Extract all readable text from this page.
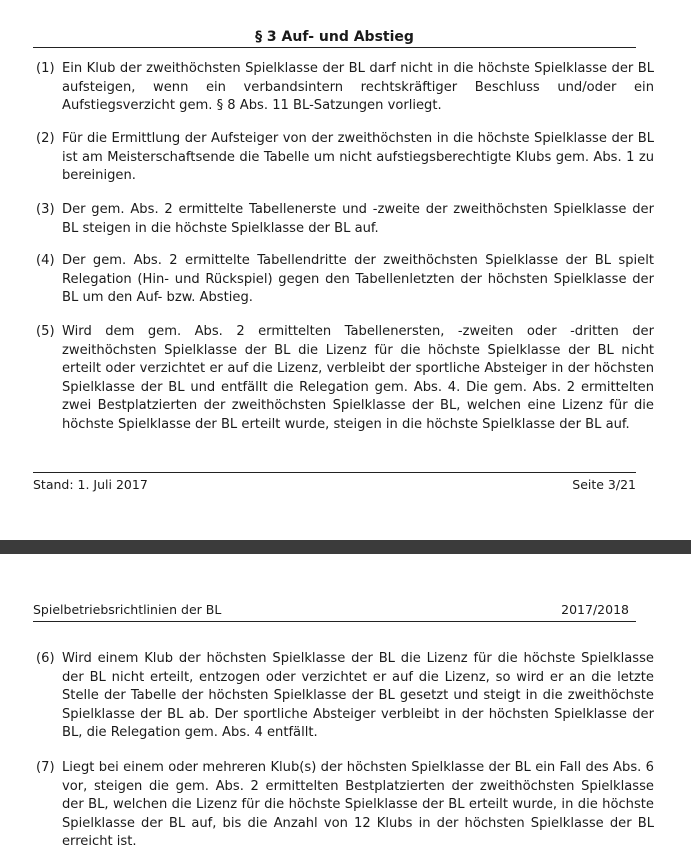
§ 3 Auf- und Abstieg
(1) Ein Klub der zweithöchsten Spielklasse der BL darf nicht in die höchste Spielklasse der BL aufsteigen, wenn ein verbandsintern rechtskräftiger Beschluss und/oder ein Aufstiegsverzicht gem. § 8 Abs. 11 BL-Satzungen vorliegt.
(2) Für die Ermittlung der Aufsteiger von der zweithöchsten in die höchste Spielklasse der BL ist am Meisterschaftsende die Tabelle um nicht aufstiegsberechtigte Klubs gem. Abs. 1 zu bereinigen.
(3) Der gem. Abs. 2 ermittelte Tabellenerste und -zweite der zweithöchsten Spielklasse der BL steigen in die höchste Spielklasse der BL auf.
(4) Der gem. Abs. 2 ermittelte Tabellendritte der zweithöchsten Spielklasse der BL spielt Relegation (Hin- und Rückspiel) gegen den Tabellenletzten der höchsten Spielklasse der BL um den Auf- bzw. Abstieg.
(5) Wird dem gem. Abs. 2 ermittelten Tabellenersten, -zweiten oder -dritten der zweithöchsten Spielklasse der BL die Lizenz für die höchste Spielklasse der BL nicht erteilt oder verzichtet er auf die Lizenz, verbleibt der sportliche Absteiger in der höchsten Spielklasse der BL und entfällt die Relegation gem. Abs. 4. Die gem. Abs. 2 ermittelten zwei Bestplatzierten der zweithöchsten Spielklasse der BL, welchen eine Lizenz für die höchste Spielklasse der BL erteilt wurde, steigen in die höchste Spielklasse der BL auf.
Stand: 1. Juli 2017	Seite 3/21
Spielbetriebsrichtlinien der BL	2017/2018
(6) Wird einem Klub der höchsten Spielklasse der BL die Lizenz für die höchste Spielklasse der BL nicht erteilt, entzogen oder verzichtet er auf die Lizenz, so wird er an die letzte Stelle der Tabelle der höchsten Spielklasse der BL gesetzt und steigt in die zweithöchste Spielklasse der BL ab. Der sportliche Absteiger verbleibt in der höchsten Spielklasse der BL, die Relegation gem. Abs. 4 entfällt.
(7) Liegt bei einem oder mehreren Klub(s) der höchsten Spielklasse der BL ein Fall des Abs. 6 vor, steigen die gem. Abs. 2 ermittelten Bestplatzierten der zweithöchsten Spielklasse der BL, welchen die Lizenz für die höchste Spielklasse der BL erteilt wurde, in die höchste Spielklasse der BL auf, bis die Anzahl von 12 Klubs in der höchsten Spielklasse der BL erreicht ist.
